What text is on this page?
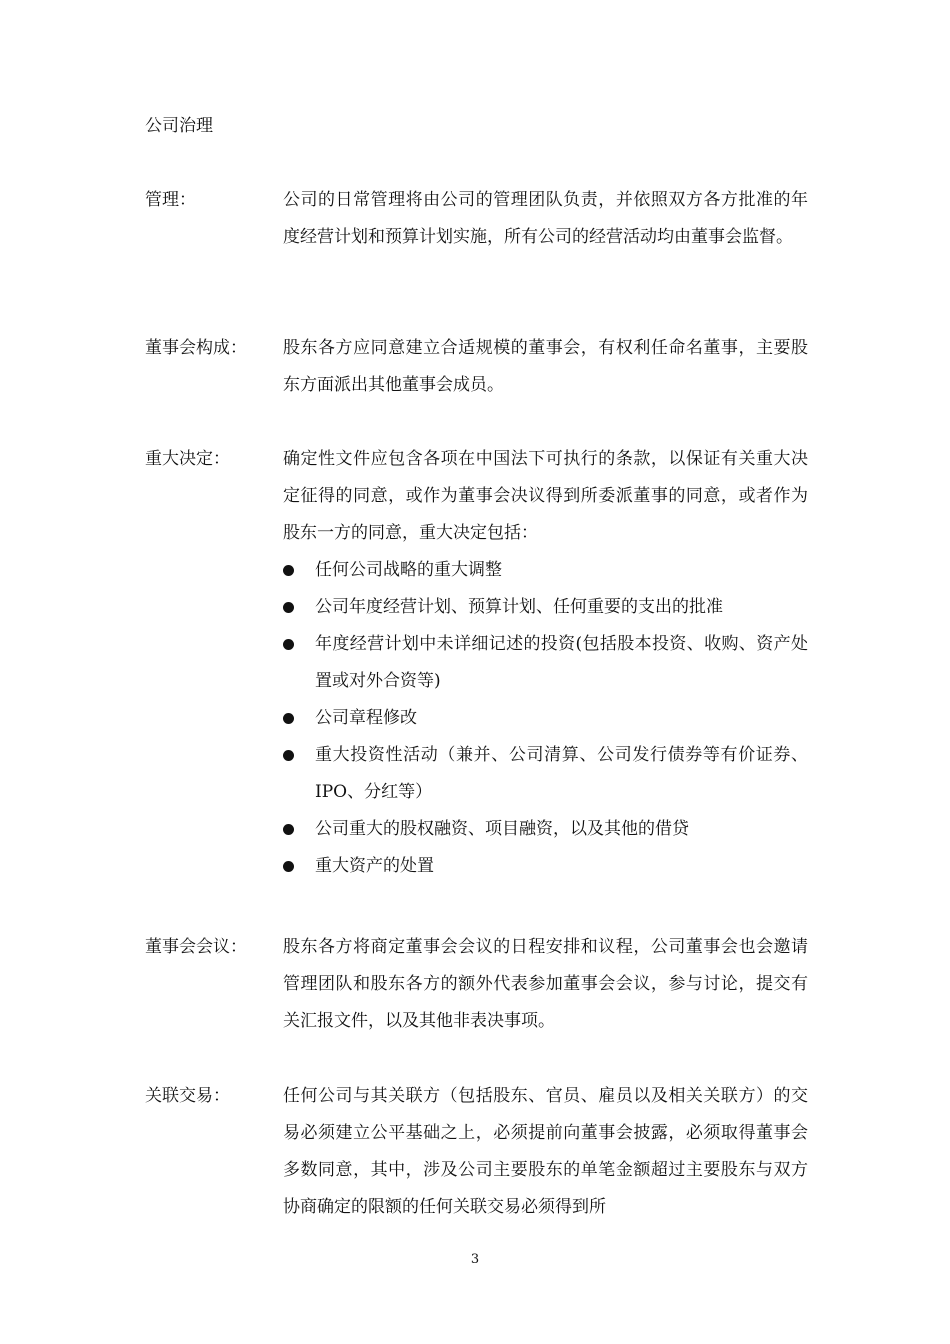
公司治理
管理：	公司的日常管理将由公司的管理团队负责，并依照双方各方批准的年度经营计划和预算计划实施，所有公司的经营活动均由董事会监督。

董事会构成：	股东各方应同意建立合适规模的董事会，有权利任命名董事，主要股东方面派出其他董事会成员。

重大决定：	确定性文件应包含各项在中国法下可执行的条款，以保证有关重大决定征得的同意，或作为董事会决议得到所委派董事的同意，或者作为股东一方的同意，重大决定包括：

任何公司战略的重大调整
公司年度经营计划、预算计划、任何重要的支出的批准
年度经营计划中未详细记述的投资(包括股本投资、收购、资产处置或对外合资等)
公司章程修改
重大投资性活动（兼并、公司清算、公司发行债券等有价证券、IPO、分红等）
公司重大的股权融资、项目融资，以及其他的借贷
重大资产的处置
董事会会议：	股东各方将商定董事会会议的日程安排和议程，公司董事会也会邀请管理团队和股东各方的额外代表参加董事会会议，参与讨论，提交有关汇报文件，以及其他非表决事项。

关联交易：	任何公司与其关联方（包括股东、官员、雇员以及相关关联方）的交易必须建立公平基础之上，必须提前向董事会披露，必须取得董事会多数同意，其中，涉及公司主要股东的单笔金额超过主要股东与双方协商确定的限额的任何关联交易必须得到所

3
